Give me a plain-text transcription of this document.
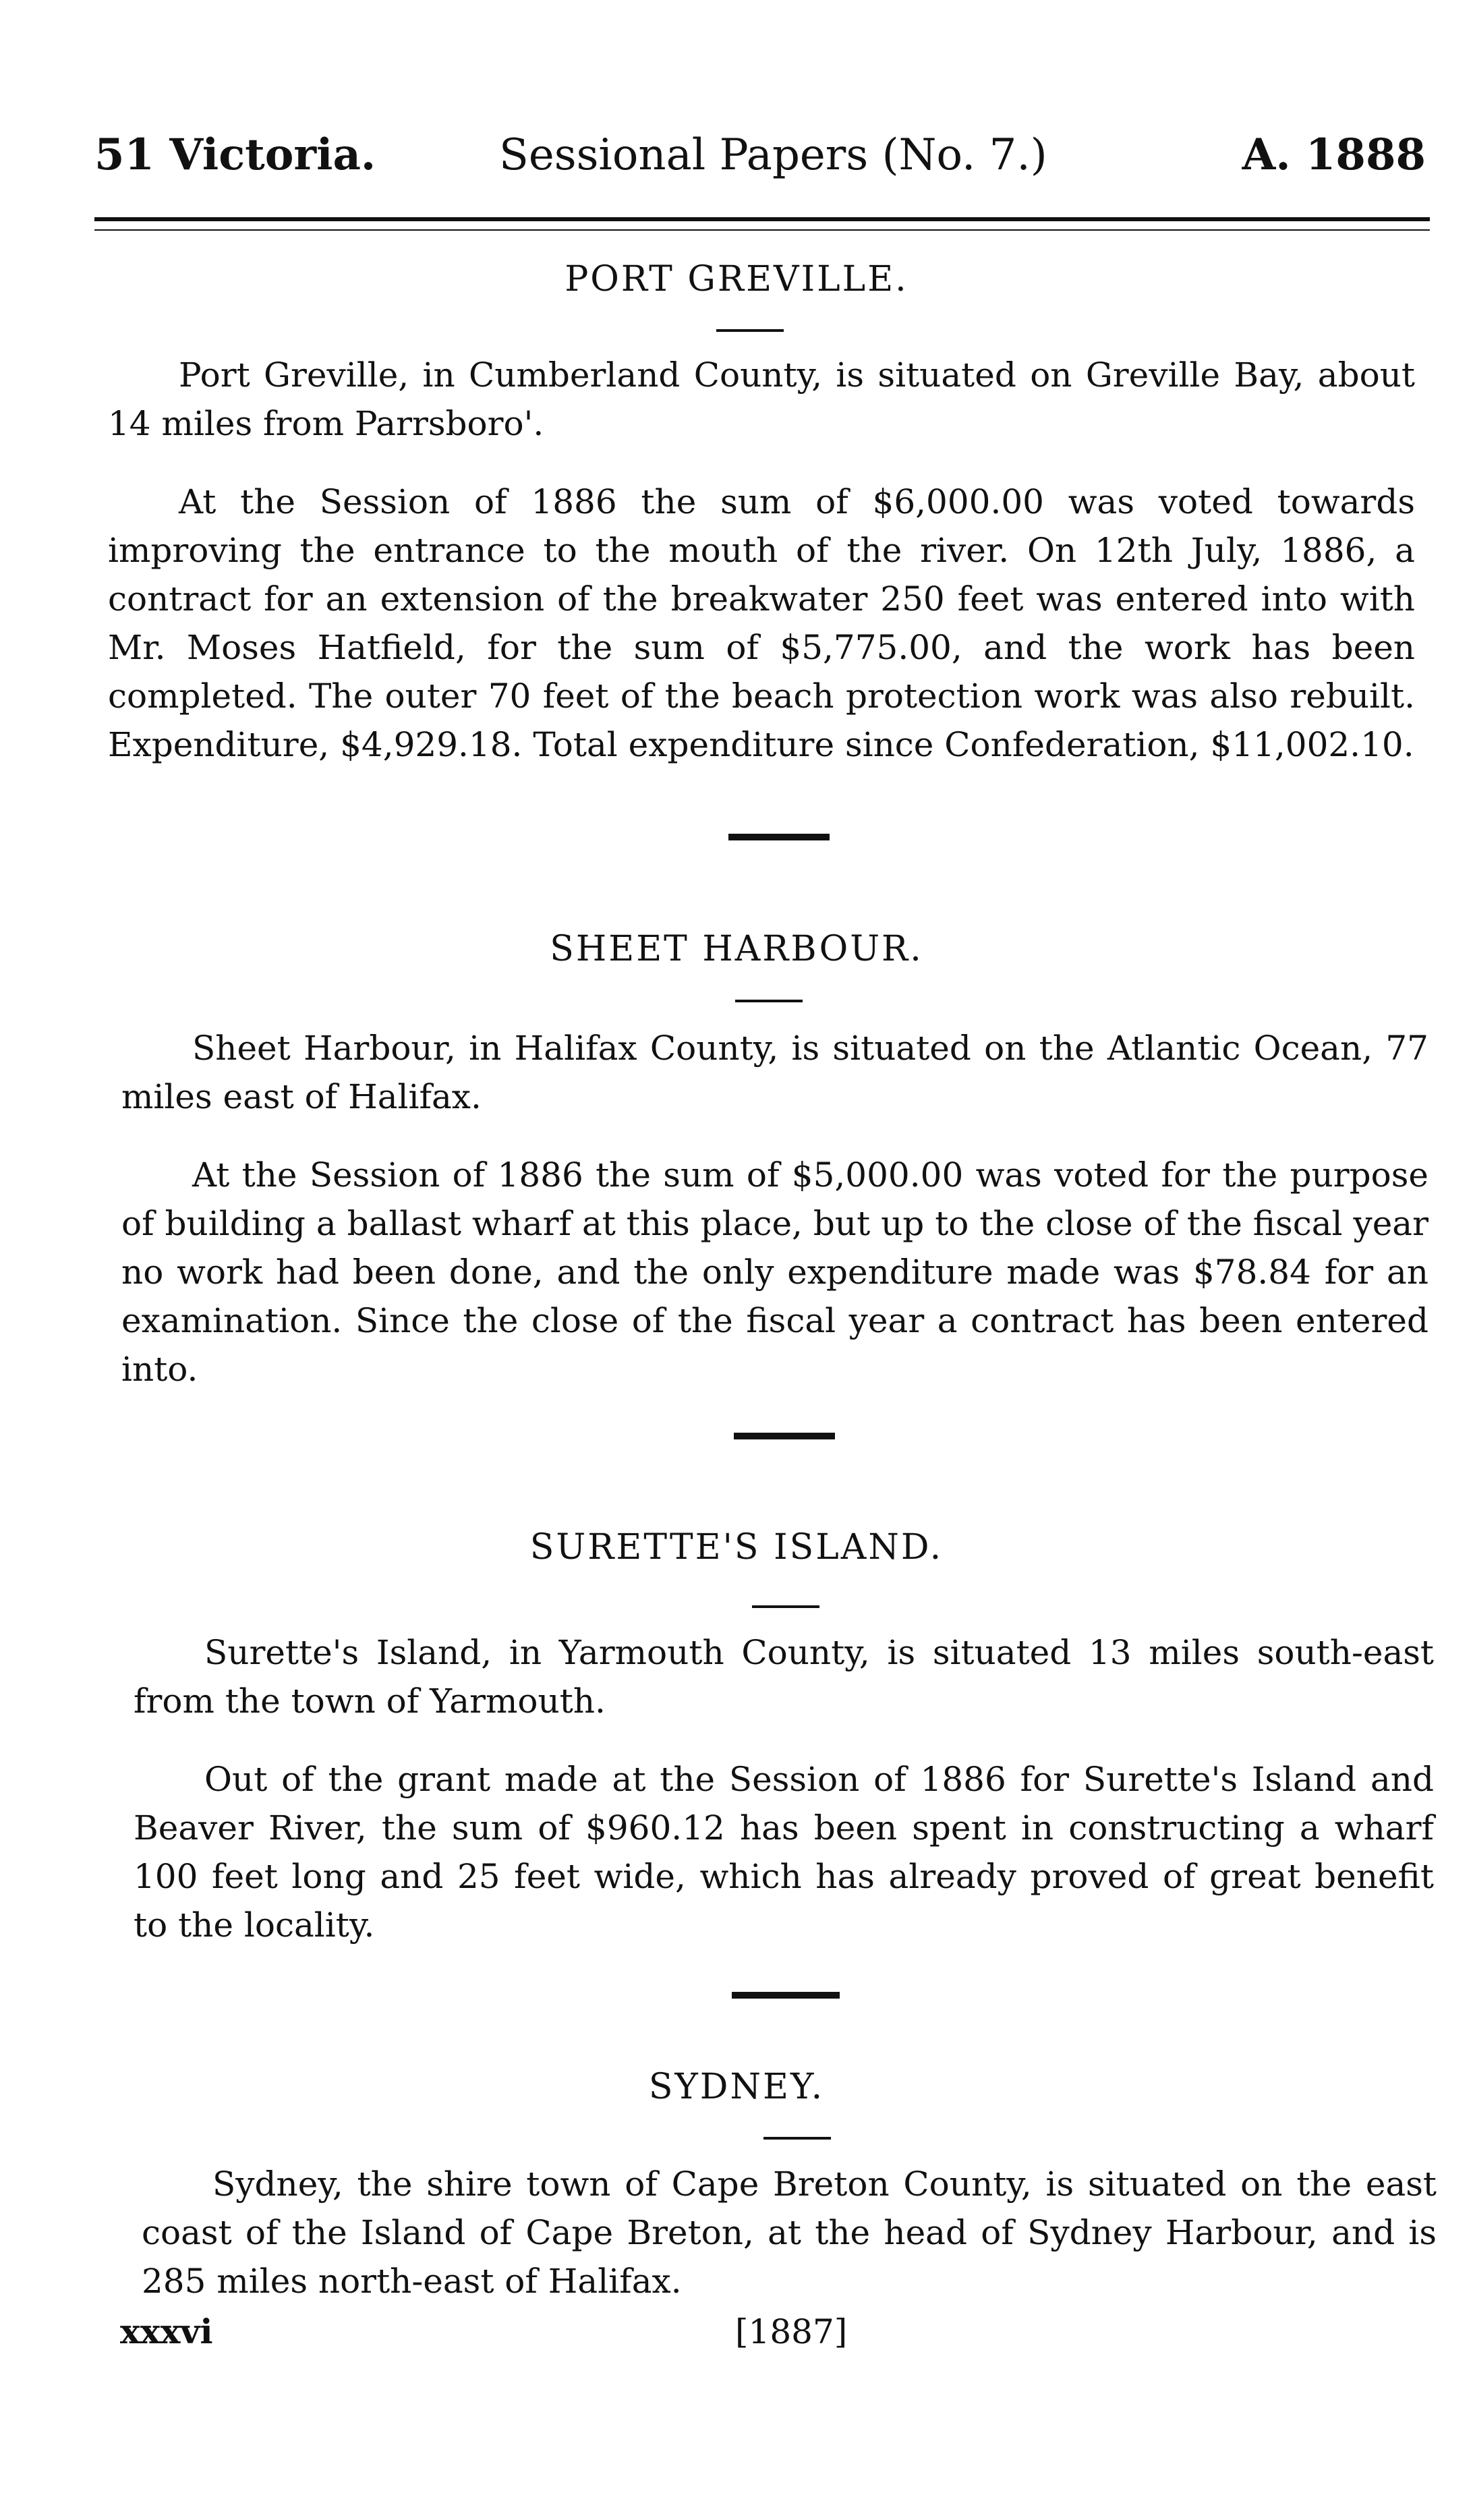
51 Victoria.	Sessional Papers (No. 7.)	A. 1888
PORT GREVILLE.

Port Greville, in Cumberland County, is situated on Greville Bay, about 14 miles from Parrsboro'.

At the Session of 1886 the sum of $6,000.00 was voted towards improving the entrance to the mouth of the river. On 12th July, 1886, a contract for an extension of the breakwater 250 feet was entered into with Mr. Moses Hatfield, for the sum of $5,775.00, and the work has been completed. The outer 70 feet of the beach protection work was also rebuilt. Expenditure, $4,929.18. Total expenditure since Confederation, $11,002.10.

SHEET HARBOUR.

Sheet Harbour, in Halifax County, is situated on the Atlantic Ocean, 77 miles east of Halifax.

At the Session of 1886 the sum of $5,000.00 was voted for the purpose of building a ballast wharf at this place, but up to the close of the fiscal year no work had been done, and the only expenditure made was $78.84 for an examination. Since the close of the fiscal year a contract has been entered into.

SURETTE'S ISLAND.

Surette's Island, in Yarmouth County, is situated 13 miles south-east from the town of Yarmouth.

Out of the grant made at the Session of 1886 for Surette's Island and Beaver River, the sum of $960.12 has been spent in constructing a wharf 100 feet long and 25 feet wide, which has already proved of great benefit to the locality.

SYDNEY.

Sydney, the shire town of Cape Breton County, is situated on the east coast of the Island of Cape Breton, at the head of Sydney Harbour, and is 285 miles north-east of Halifax.

xxxvi	[1887]
